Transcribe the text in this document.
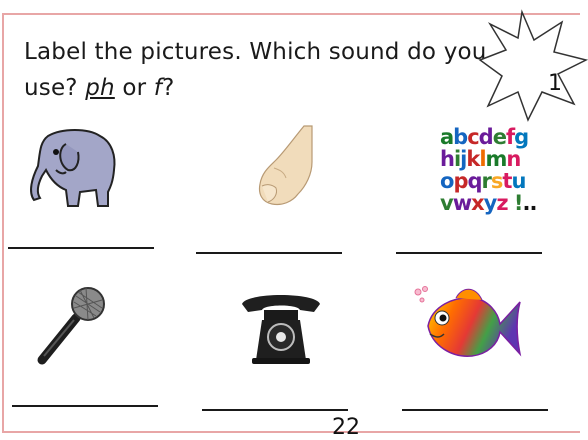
Label the pictures. Which sound do you use? ph or f?	1
abcdefg
hijklmn
opqrstu
vwxyz !..
22
